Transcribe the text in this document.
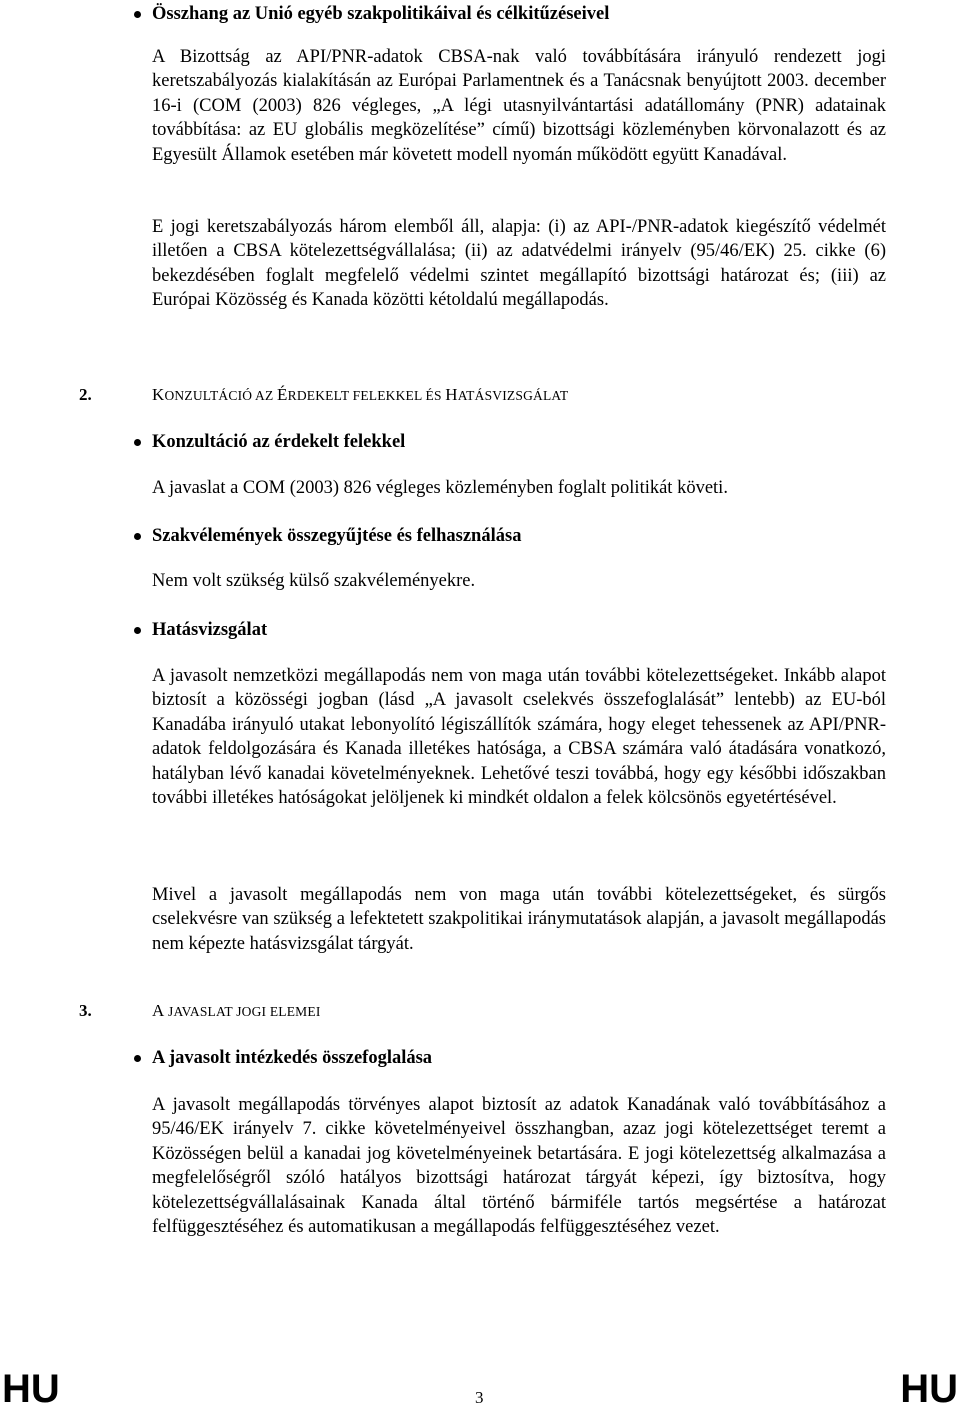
Összhang az Unió egyéb szakpolitikáival és célkitűzéseivel
A Bizottság az API/PNR-adatok CBSA-nak való továbbítására irányuló rendezett jogi keretszabályozás kialakításán az Európai Parlamentnek és a Tanácsnak benyújtott 2003. december 16-i (COM (2003) 826 végleges, „A légi utasnyilvántartási adatállomány (PNR) adatainak továbbítása: az EU globális megközelítése” című) bizottsági közleményben körvonalazott és az Egyesült Államok esetében már követett modell nyomán működött együtt Kanadával.
E jogi keretszabályozás három elemből áll, alapja: (i) az API-/PNR-adatok kiegészítő védelmét illetően a CBSA kötelezettségvállalása; (ii) az adatvédelmi irányelv (95/46/EK) 25. cikke (6) bekezdésében foglalt megfelelő védelmi szintet megállapító bizottsági határozat és; (iii) az Európai Közösség és Kanada közötti kétoldalú megállapodás.
2.	KONZULTÁCIÓ AZ ÉRDEKELT FELEKKEL ÉS HATÁSVIZSGÁLAT
Konzultáció az érdekelt felekkel
A javaslat a COM (2003) 826 végleges közleményben foglalt politikát követi.
Szakvélemények összegyűjtése és felhasználása
Nem volt szükség külső szakvéleményekre.
Hatásvizsgálat
A javasolt nemzetközi megállapodás nem von maga után további kötelezettségeket. Inkább alapot biztosít a közösségi jogban (lásd „A javasolt cselekvés összefoglalását” lentebb) az EU-ból Kanadába irányuló utakat lebonyolító légiszállítók számára, hogy eleget tehessenek az API/PNR-adatok feldolgozására és Kanada illetékes hatósága, a CBSA számára való átadására vonatkozó, hatályban lévő kanadai követelményeknek. Lehetővé teszi továbbá, hogy egy későbbi időszakban további illetékes hatóságokat jelöljenek ki mindkét oldalon a felek kölcsönös egyetértésével.
Mivel a javasolt megállapodás nem von maga után további kötelezettségeket, és sürgős cselekvésre van szükség a lefektetett szakpolitikai iránymutatások alapján, a javasolt megállapodás nem képezte hatásvizsgálat tárgyát.
3.	A JAVASLAT JOGI ELEMEI
A javasolt intézkedés összefoglalása
A javasolt megállapodás törvényes alapot biztosít az adatok Kanadának való továbbításához a 95/46/EK irányelv 7. cikke követelményeivel összhangban, azaz jogi kötelezettséget teremt a Közösségen belül a kanadai jog követelményeinek betartására. E jogi kötelezettség alkalmazása a megfelelőségről szóló hatályos bizottsági határozat tárgyát képezi, így biztosítva, hogy kötelezettségvállalásainak Kanada által történő bármiféle tartós megsértése a határozat felfüggesztéséhez és automatikusan a megállapodás felfüggesztéséhez vezet.
HU	3	HU
